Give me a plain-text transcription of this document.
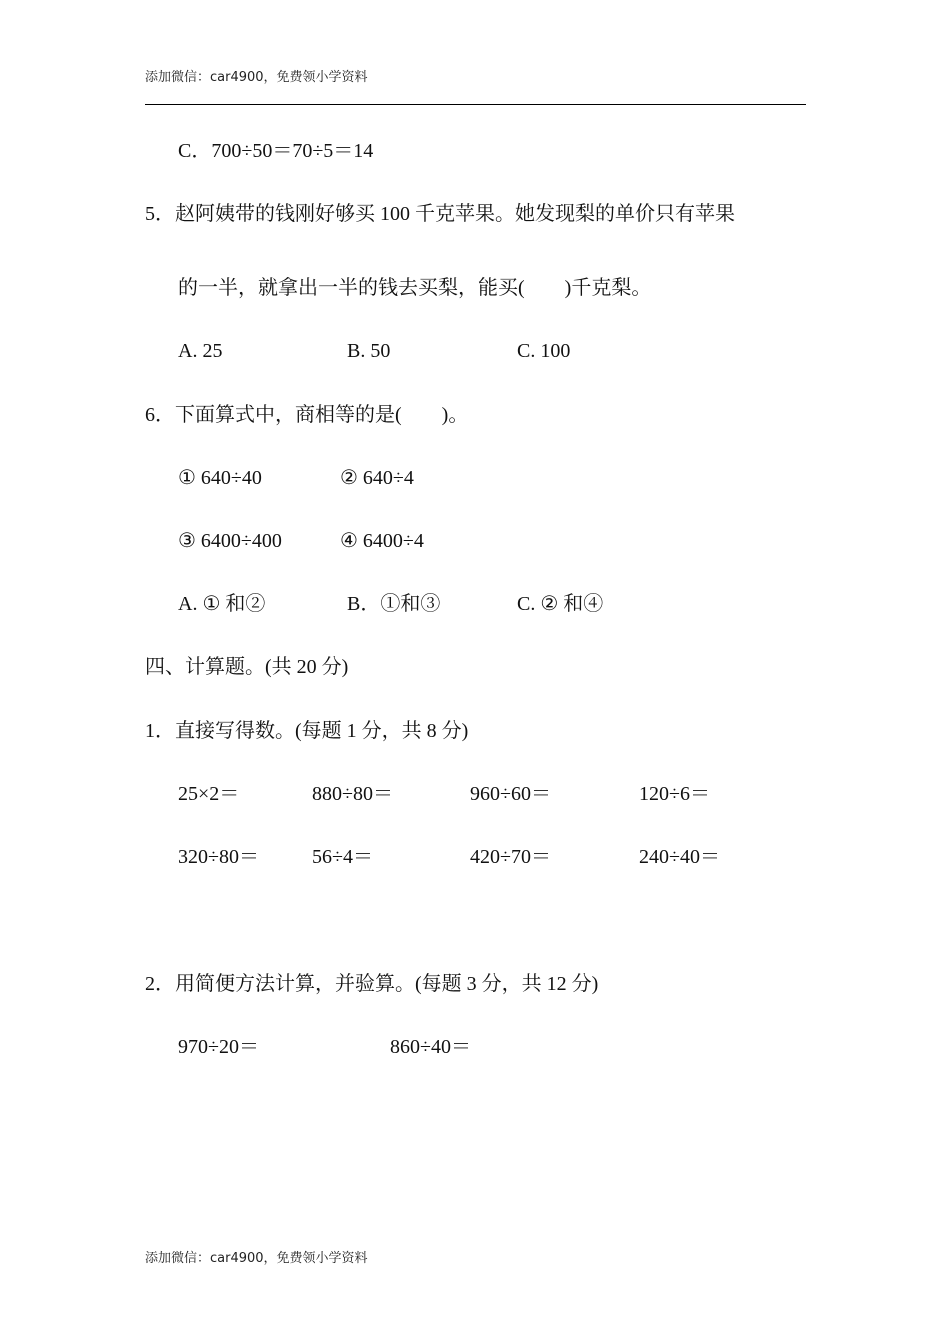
添加微信：car4900，免费领小学资料
C．700÷50＝70÷5＝14
5．赵阿姨带的钱刚好够买 100 千克苹果。她发现梨的单价只有苹果
的一半，就拿出一半的钱去买梨，能买(　　)千克梨。
A. 25	B. 50	C. 100
6．下面算式中，商相等的是(　　)。
① 640÷40	② 640÷4
③ 6400÷400	④ 6400÷4
A. ① 和②	B．①和③	C. ② 和④
四、计算题。(共 20 分)
1．直接写得数。(每题 1 分，共 8 分)
25×2＝	880÷80＝	960÷60＝	120÷6＝
320÷80＝	56÷4＝	420÷70＝	240÷40＝
2．用简便方法计算，并验算。(每题 3 分，共 12 分)
970÷20＝	860÷40＝
添加微信：car4900，免费领小学资料
